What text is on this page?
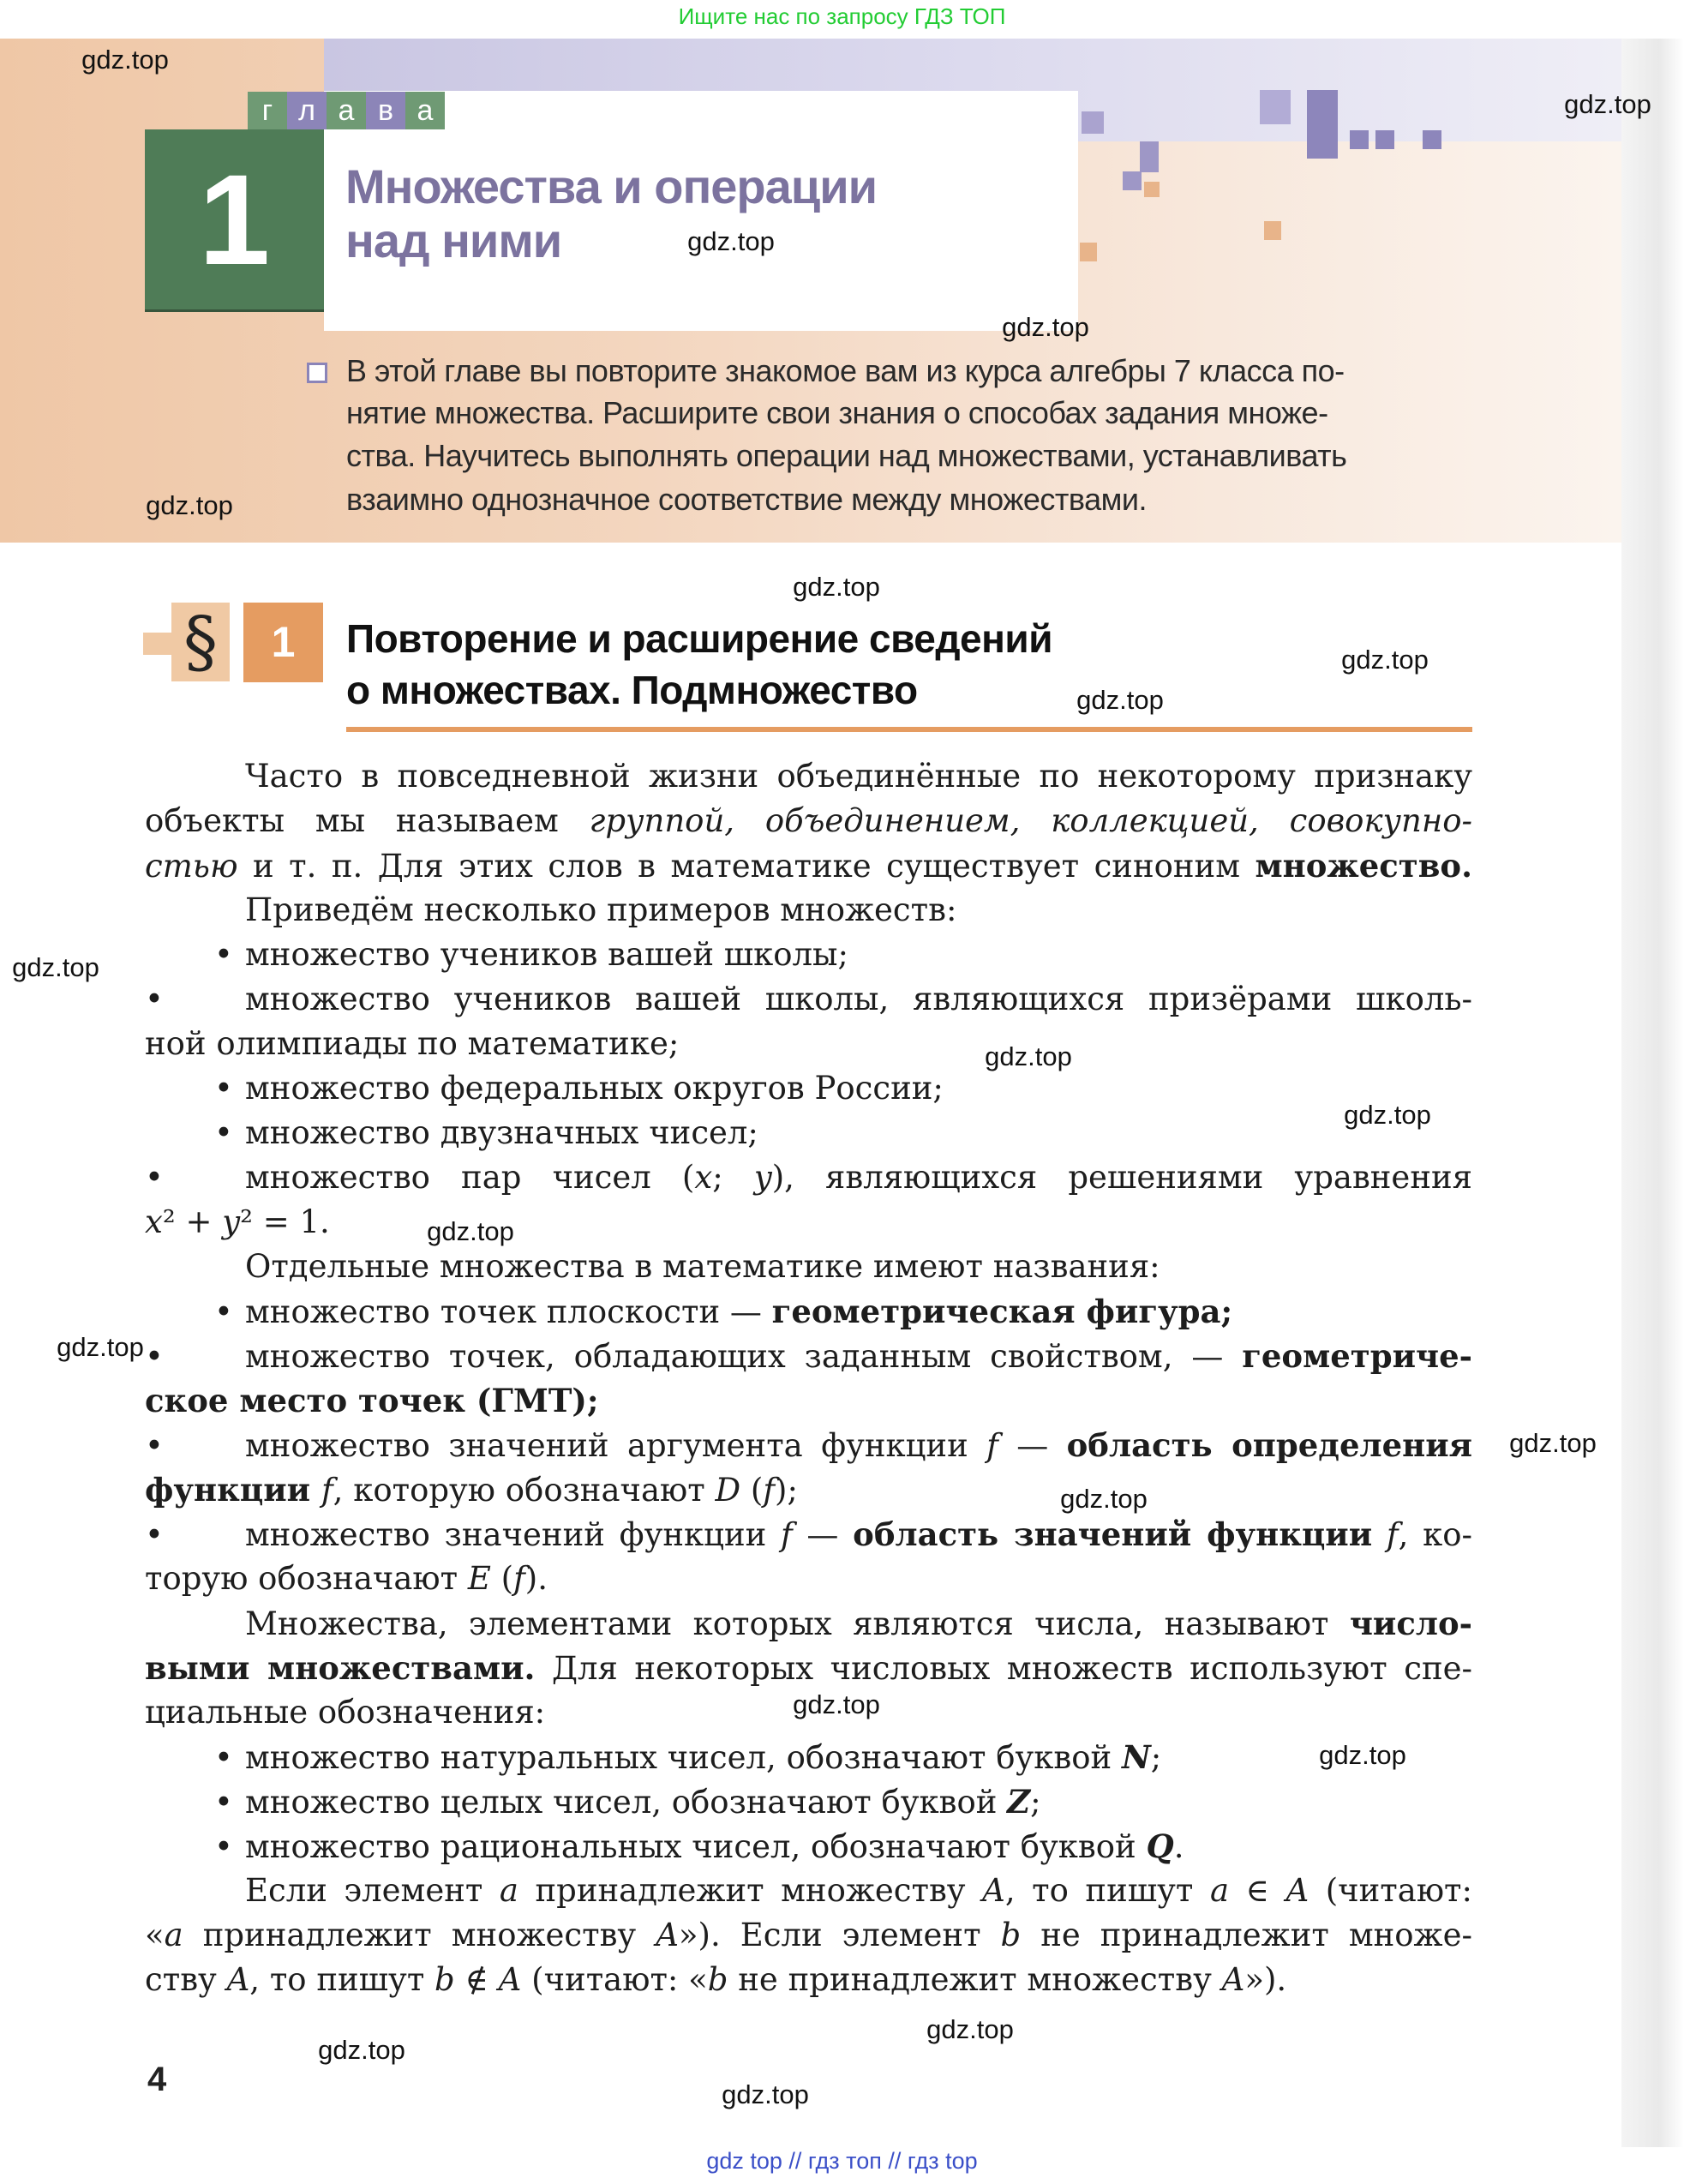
Ищите нас по запросу ГДЗ ТОП
Множества и операции
над ними
1
г л а в а
В этой главе вы повторите знакомое вам из курса алгебры 7 класса по-
нятие множества. Расширите свои знания о способах задания множе-
ства. Научитесь выполнять операции над множествами, устанавливать
взаимно однозначное соответствие между множествами.
§	1	Повторение и расширение сведений
о множествах. Подмножество
Часто в повседневной жизни объединённые по некоторому признаку
объекты мы называем группой, объединением, коллекцией, совокупно-
стью и т. п. Для этих слов в математике существует синоним множество.
Приведём несколько примеров множеств:
• множество учеников вашей школы;
•	множество учеников вашей школы, являющихся призёрами школь-
ной олимпиады по математике;
• множество федеральных округов России;
• множество двузначных чисел;
•	множество пар чисел (x; y), являющихся решениями уравнения
x² + y² = 1.
Отдельные множества в математике имеют названия:
• множество точек плоскости — геометрическая фигура;
•	множество точек, обладающих заданным свойством, — геометриче-
ское место точек (ГМТ);
•	множество значений аргумента функции f — область определения
функции f, которую обозначают D (f);
•	множество значений функции f — область значений функции f, ко-
торую обозначают E (f).
Множества, элементами которых являются числа, называют число-
выми множествами. Для некоторых числовых множеств используют спе-
циальные обозначения:
• множество натуральных чисел, обозначают буквой N;
• множество целых чисел, обозначают буквой Z;
• множество рациональных чисел, обозначают буквой Q.
Если элемент a принадлежит множеству A, то пишут a ∈ A (читают:
«a принадлежит множеству A»). Если элемент b не принадлежит множе-
ству A, то пишут b ∉ A (читают: «b не принадлежит множеству A»).
4
gdz top // гдз топ // гдз top
gdz.top
gdz.top
gdz.top
gdz.top
gdz.top
gdz.top
gdz.top
gdz.top
gdz.top
gdz.top
gdz.top
gdz.top
gdz.top
gdz.top
gdz.top
gdz.top
gdz.top
gdz.top
gdz.top
gdz.top
